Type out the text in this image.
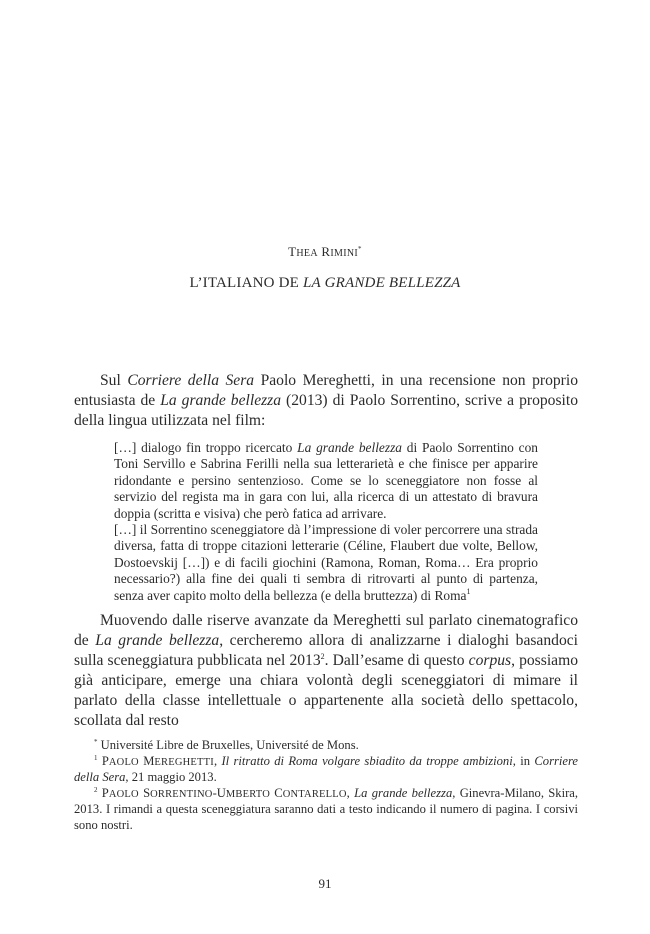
THEA RIMINI*
L’ITALIANO DE LA GRANDE BELLEZZA

Sul Corriere della Sera Paolo Mereghetti, in una recensione non proprio entusiasta de La grande bellezza (2013) di Paolo Sorrentino, scrive a proposito della lingua utilizzata nel film:

[…] dialogo fin troppo ricercato La grande bellezza di Paolo Sorrentino con Toni Servillo e Sabrina Ferilli nella sua letterarietà e che finisce per apparire ridondante e persino sentenzioso. Come se lo sceneggiatore non fosse al servizio del regista ma in gara con lui, alla ricerca di un attestato di bravura doppia (scritta e visiva) che però fatica ad arrivare.

[…] il Sorrentino sceneggiatore dà l’impressione di voler percorrere una strada diversa, fatta di troppe citazioni letterarie (Céline, Flaubert due volte, Bellow, Dostoevskij […]) e di facili giochini (Ramona, Roman, Roma… Era proprio necessario?) alla fine dei quali ti sembra di ritrovarti al punto di partenza, senza aver capito molto della bellezza (e della bruttezza) di Roma$^1$

Muovendo dalle riserve avanzate da Mereghetti sul parlato cinematografico de La grande bellezza, cercheremo allora di analizzarne i dialoghi basandoci sulla sceneggiatura pubblicata nel 2013$^2$. Dall’esame di questo corpus, possiamo già anticipare, emerge una chiara volontà degli sceneggiatori di mimare il parlato della classe intellettuale o appartenente alla società dello spettacolo, scollata dal resto

* Université Libre de Bruxelles, Université de Mons.

$^1$ PAOLO MEREGHETTI, Il ritratto di Roma volgare sbiadito da troppe ambizioni, in Corriere della Sera, 21 maggio 2013.

$^2$ PAOLO SORRENTINO-UMBERTO CONTARELLO, La grande bellezza, Ginevra-Milano, Skira, 2013. I rimandi a questa sceneggiatura saranno dati a testo indicando il numero di pagina. I corsivi sono nostri.

91
